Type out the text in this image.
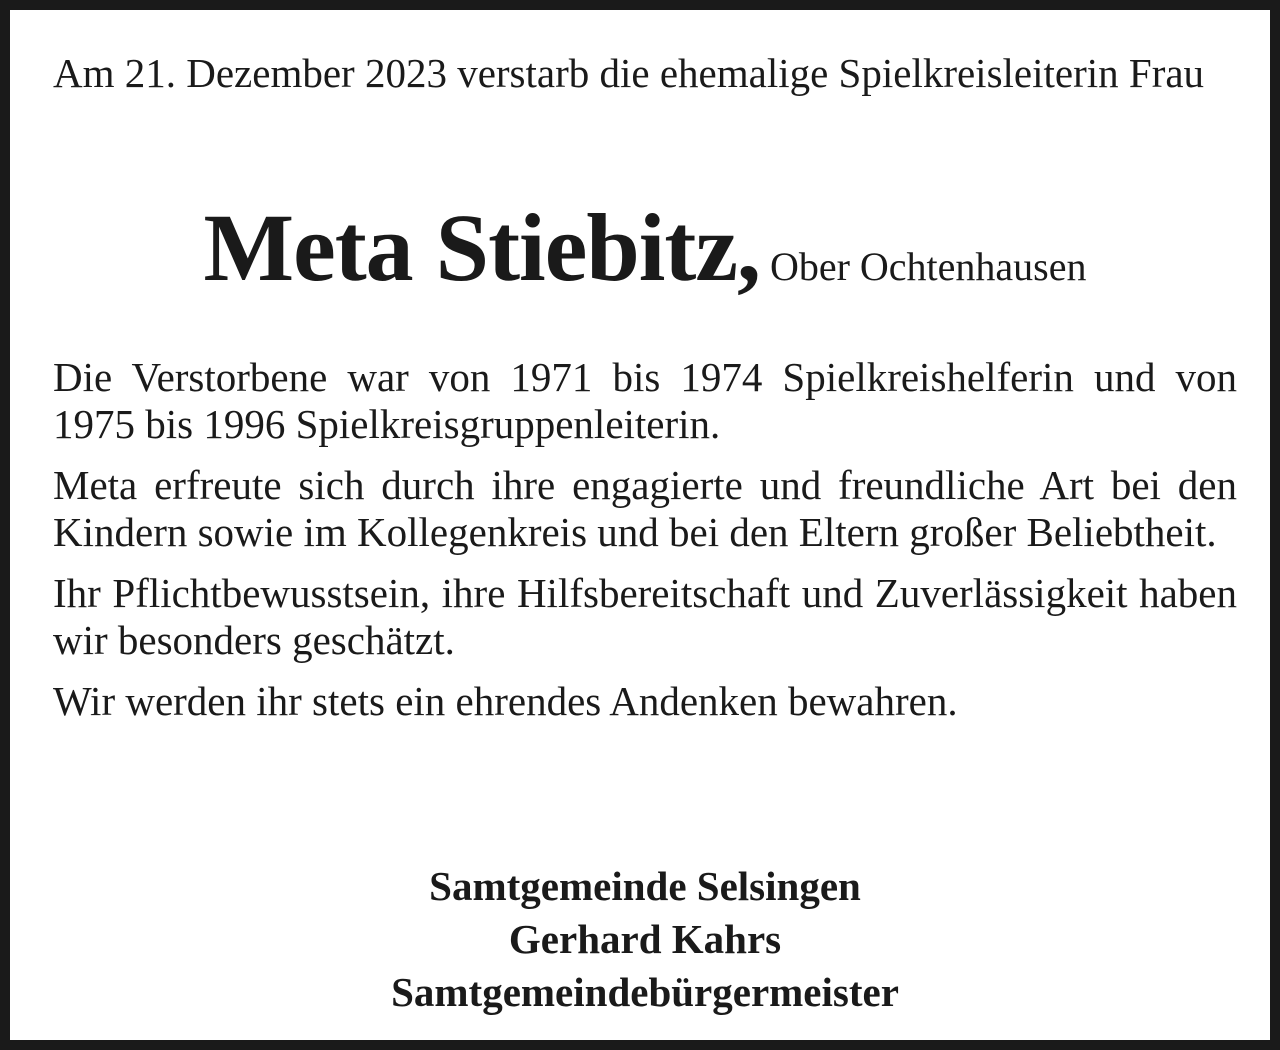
Am 21. Dezember 2023 verstarb die ehemalige Spielkreisleiterin Frau

Meta Stiebitz, Ober Ochtenhausen

Die Verstorbene war von 1971 bis 1974 Spielkreishelferin und von 1975 bis 1996 Spielkreisgruppenleiterin.

Meta erfreute sich durch ihre engagierte und freundliche Art bei den Kindern sowie im Kollegenkreis und bei den Eltern großer Beliebtheit.

Ihr Pflichtbewusstsein, ihre Hilfsbereitschaft und Zuverlässigkeit haben wir besonders geschätzt.

Wir werden ihr stets ein ehrendes Andenken bewahren.

Samtgemeinde Selsingen
Gerhard Kahrs
Samtgemeindebürgermeister
